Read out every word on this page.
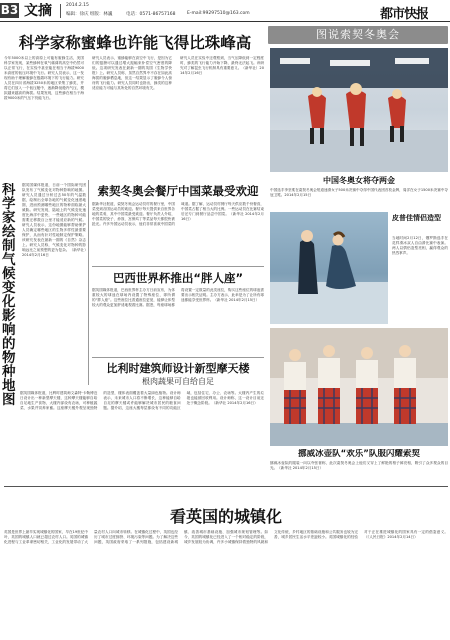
B3 文摘	2014.2.15
编辑：徐庆 组版：林巍	电话：0571-86757168	E-mail:99297510@163.com	都市快报
科学家称蜜蜂也许能飞得比珠峰高
今年5000米以上的高原上可能有蜜蜂生活，美国科学家发现，某些蜂种在氧气稀薄的高空中仍然可以正常飞行，在实验中甚至能在相当于海拔9000米高度的低压环境中飞行。研究人员表示，这一发现有助于理解蜜蜂在极端环境下的飞行能力。研究人员在四川省海拔3250米的地区采集了蜂类，并将它们放入一个低压舱中，逐渐降低舱内气压，模拟越来越高的海拔。结果发现，这些蜂在相当于海拔9000米的气压下仍能飞行。
研究人员表示，蜜蜂能够在高空中飞行，是因为它们的翅膀可以通过增大振幅来补偿空气密度的降低。这项研究发表在最新一期的英国《生物学快报》上。研究人员称，虽然自然界中不存在如此高海拔的蜜蜂栖息地，但这一结果显示了蜜蜂令人惊讶的飞行能力。研究人员同时也指出，蜂类的这种适应能力可能与其所处的自然环境有关。
研究人员在实验中还观察到，当气压降低到一定程度时，蜂类的飞行能力开始下降，最终无法起飞。该研究对了解昆虫飞行机制具有重要意义。（新华社）2014年2月16日
科学家绘制气候变化影响的物种地图
据英国媒体报道，日前一个国际研究团队发布了气候变化对物种影响的地图。研究人员通过分析过去50年的气温数据，绘制出全球各地的气候变化速度地图，进而预测哪些地区的物种面临最大威胁。研究发现，陆地上的气候变化速度比海洋中更快，一些地区的物种可能需要迁移数百公里才能适应新的气候。研究人员表示，这份地图能够帮助保护人员确定哪些地区的生物多样性最需要保护，从而有针对性地制定保护策略。该研究发表在最新一期的《自然》杂志上。研究人员称，气候变化对物种的影响远比之前预想的更为复杂。（新华社）2014年2月16日
索契冬奥会餐厅中国菜最受欢迎
据新华社报道，索契冬奥会运动员村的餐厅里，中国菜受到各国运动员的欢迎。餐厅每天提供来自世界各地的菜肴，其中中国菜最受欢迎。餐厅负责人介绍，中国菜的饺子、炒饭、宫保鸡丁等菜品每天都很快被抢光。许多外国运动员表示，他们非常喜欢中国菜的味道。据了解，运动员村餐厅每天供应数千份餐食，中国菜占据了相当大的比例。一些运动员在比赛结束后还专门到餐厅品尝中国菜。（新华社 2014年2月16日）
巴西世界杯推出“胖人座”
据英国媒体报道，巴西世界杯主办方日前宣布，为体重较大的球迷在球场内设置了特殊座位，即所谓的“胖人座”。这些座位比普通座位更宽，能够让体型较大的观众更加舒适地观看比赛。据悉，每座球场都将设置一定数量的此类座位，购买这些座位的球迷需要出示相关证明。主办方表示，此举是为了让所有球迷都能享受世界杯。（新华社 2014年2月15日）
比利时建筑师设计新型摩天楼
根肉蔬果可自给自足
据英国媒体报道，比利时建筑师文森特·卡勒博近日设计出一种新型摩天楼，这种摩天楼能够自给自足地生产食物，大楼内部设有农场，可种植蔬菜、水果并饲养家畜。这座摩天楼外观呈现独特的造型，楼体表面覆盖着大量绿色植物。设计师表示，未来城市人口将不断增长，这种能够自给自足的摩天楼或许能够解决城市居民的粮食问题。据介绍，这座大楼每层都设有不同的功能区域，包括住宅、办公、农场等。大楼内产生的垃圾也能被回收利用。设计师称，这一设计目前还处于概念阶段。（新华社 2014年2月16日）
图说索契冬奥会
中国冬奥女将夺两金
中国选手李坚柔在索契冬奥会短道速滑女子500米决赛中夺得中国代表团首枚金牌，周洋在女子1500米决赛中夺冠卫冕。2014年2月15日
皮普佳情侣造型
当地时间2月12日，俄罗斯选手在花样滑冰双人自由滑比赛中表演。两人以情侣造型亮相，赢得观众的热烈掌声。
挪威冰壶队“欢乐”队服闪耀索契
挪威冰壶队的服装一向以夸张著称，此次索契冬奥会上他们又穿上了鲜艳的格子裤亮相，吸引了众多观众的目光。（新华社 2014年2月15日）
看英国的城镇化
英国是世界上最早实现城镇化的国家，早在19世纪中叶，英国的城镇人口就已超过农村人口。英国的城镇化进程与工业革命密切相关，工业化的发展带动了大量农村人口向城市转移。在城镇化过程中，英国也经历了城市过度拥挤、环境污染等问题。为了解决这些问题，英国政府采取了一系列措施，包括建设新城镇、改善城市基础设施、加强城市规划管理等。如今，英国的城镇化已经进入了一个相对稳定的阶段，城乡发展较为协调，许多小城镇保持着独特的风貌和文化传统，乡村地区的基础设施和公共服务也较为完善，城乡居民生活水平差距较小。英国城镇化的经验对于正在推进城镇化的国家具有一定的借鉴意义。（《人民日报》2014年2月14日）
